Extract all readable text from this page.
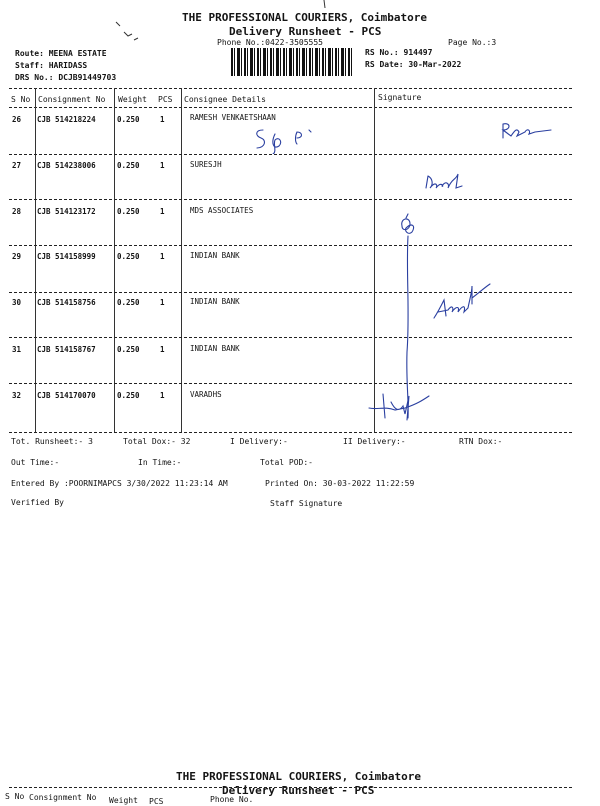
THE PROFESSIONAL COURIERS, Coimbatore
Delivery Runsheet - PCS
Phone No.:0422-3505555	Page No.:3
Route: MEENA ESTATE
Staff: HARIDASS
DRS No.: DCJB91449703
RS No.: 914497
RS Date: 30-Mar-2022
S No Consignment No Weight PCS Consignee Details	Signature
26 CJB 514218224	0.250	1	RAMESH VENKAETSHAAN
27 CJB 514238006	0.250	1	SURESJH
28 CJB 514123172	0.250	1	MDS ASSOCIATES
29 CJB 514158999	0.250	1	INDIAN BANK
30 CJB 514158756	0.250	1	INDIAN BANK
31 CJB 514158767	0.250	1	INDIAN BANK
32 CJB 514170070	0.250	1	VARADHS
Tot. Runsheet:- 3	Total Dox:- 32	I Delivery:-	II Delivery:-	RTN Dox:-
Out Time:-	In Time:-	Total POD:-
Entered By :POORNIMAPCS 3/30/2022 11:23:14 AM	Printed On: 30-03-2022 11:22:59
Verified By	Staff Signature
THE PROFESSIONAL COURIERS, Coimbatore
Delivery Runsheet - PCS
S No Consignment No Weight PCS	Phone No.
